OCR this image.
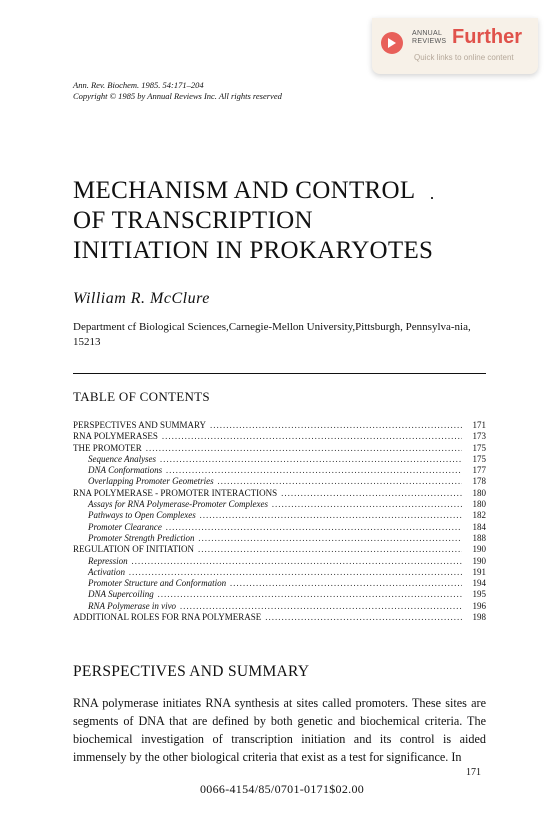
ANNUAL
REVIEWS Further
Quick links to online content
Ann. Rev. Biochem. 1985. 54:171–204
Copyright © 1985 by Annual Reviews Inc. All rights reserved
MECHANISM AND CONTROL
OF TRANSCRIPTION
INITIATION IN PROKARYOTES
William R. McClure
Department cf Biological Sciences,Carnegie-Mellon University,Pittsburgh, Pennsylva-nia, 15213
TABLE OF CONTENTS
PERSPECTIVES AND SUMMARY .....	171
RNA POLYMERASES .....	173
THE PROMOTER .....	175
Sequence Analyses .....	175
DNA Conformations .....	177
Overlapping Promoter Geometries .....	178
RNA POLYMERASE - PROMOTER INTERACTIONS .....	180
Assays for RNA Polymerase-Promoter Complexes .....	180
Pathways to Open Complexes .....	182
Promoter Clearance .....	184
Promoter Strength Prediction .....	188
REGULATION OF INITIATION .....	190
Repression .....	190
Activation .....	191
Promoter Structure and Conformation .....	194
DNA Supercoiling .....	195
RNA Polymerase in vivo .....	196
ADDITIONAL ROLES FOR RNA POLYMERASE .....	198
PERSPECTIVES AND SUMMARY
RNA polymerase initiates RNA synthesis at sites called promoters. These sites are segments of DNA that are defined by both genetic and biochemical criteria. The biochemical investigation of transcription initiation and its control is aided immensely by the other biological criteria that exist as a test for significance. In
171
0066-4154/85/0701-0171$02.00
